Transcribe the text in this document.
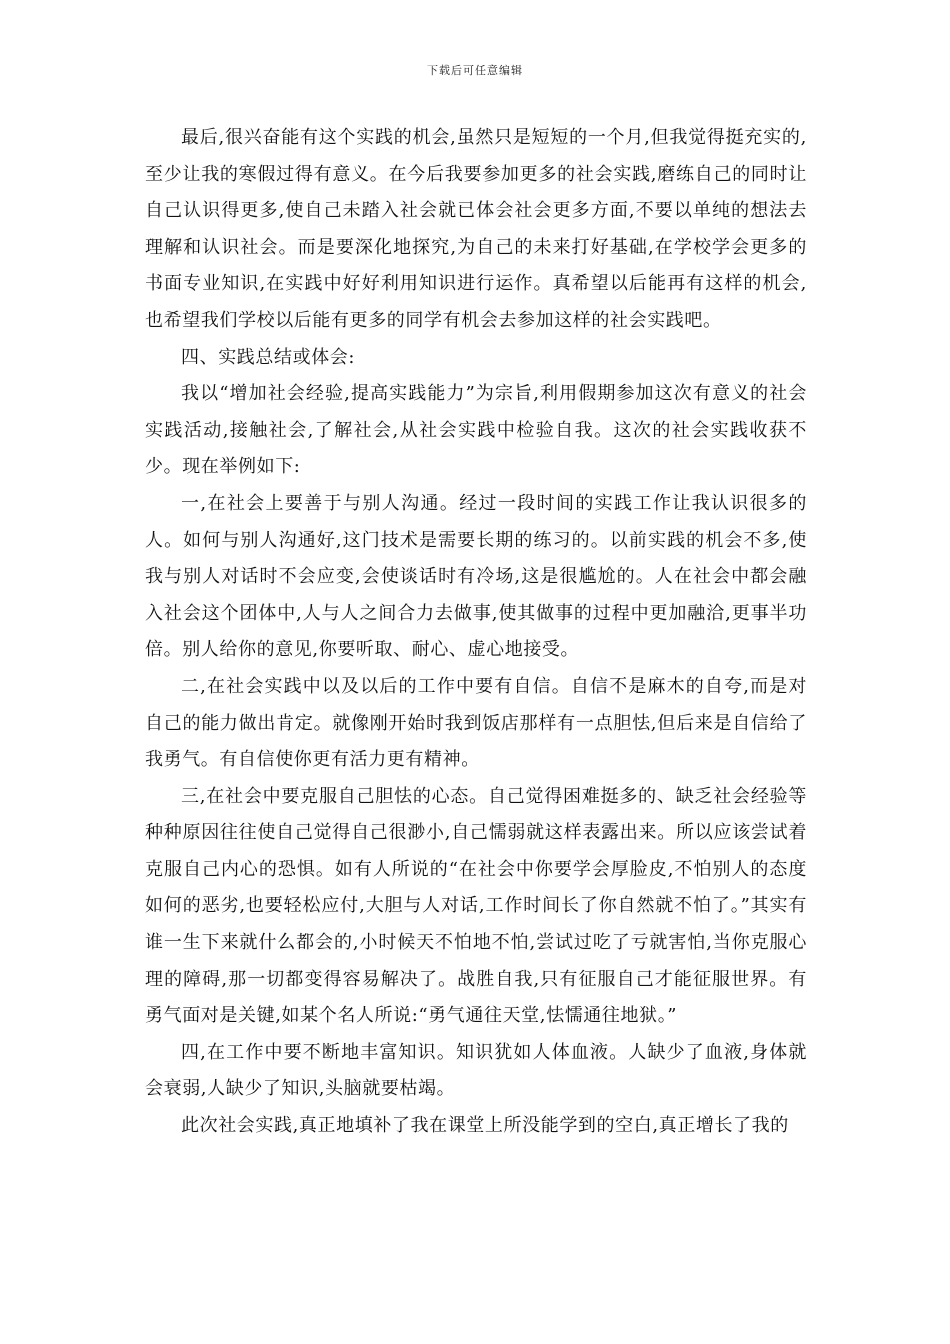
下载后可任意编辑

最后,很兴奋能有这个实践的机会,虽然只是短短的一个月,但我觉得挺充实的,至少让我的寒假过得有意义。在今后我要参加更多的社会实践,磨练自己的同时让自己认识得更多,使自己未踏入社会就已体会社会更多方面,不要以单纯的想法去理解和认识社会。而是要深化地探究,为自己的未来打好基础,在学校学会更多的书面专业知识,在实践中好好利用知识进行运作。真希望以后能再有这样的机会,也希望我们学校以后能有更多的同学有机会去参加这样的社会实践吧。

四、实践总结或体会:

我以“增加社会经验,提高实践能力”为宗旨,利用假期参加这次有意义的社会实践活动,接触社会,了解社会,从社会实践中检验自我。这次的社会实践收获不少。现在举例如下:

一,在社会上要善于与别人沟通。经过一段时间的实践工作让我认识很多的人。如何与别人沟通好,这门技术是需要长期的练习的。以前实践的机会不多,使我与别人对话时不会应变,会使谈话时有冷场,这是很尴尬的。人在社会中都会融入社会这个团体中,人与人之间合力去做事,使其做事的过程中更加融洽,更事半功倍。别人给你的意见,你要听取、耐心、虚心地接受。

二,在社会实践中以及以后的工作中要有自信。自信不是麻木的自夸,而是对自己的能力做出肯定。就像刚开始时我到饭店那样有一点胆怯,但后来是自信给了我勇气。有自信使你更有活力更有精神。

三,在社会中要克服自己胆怯的心态。自己觉得困难挺多的、缺乏社会经验等种种原因往往使自己觉得自己很渺小,自己懦弱就这样表露出来。所以应该尝试着克服自己内心的恐惧。如有人所说的“在社会中你要学会厚脸皮,不怕别人的态度如何的恶劣,也要轻松应付,大胆与人对话,工作时间长了你自然就不怕了。”其实有谁一生下来就什么都会的,小时候天不怕地不怕,尝试过吃了亏就害怕,当你克服心理的障碍,那一切都变得容易解决了。战胜自我,只有征服自己才能征服世界。有勇气面对是关键,如某个名人所说:“勇气通往天堂,怯懦通往地狱。”

四,在工作中要不断地丰富知识。知识犹如人体血液。人缺少了血液,身体就会衰弱,人缺少了知识,头脑就要枯竭。

此次社会实践,真正地填补了我在课堂上所没能学到的空白,真正增长了我的
